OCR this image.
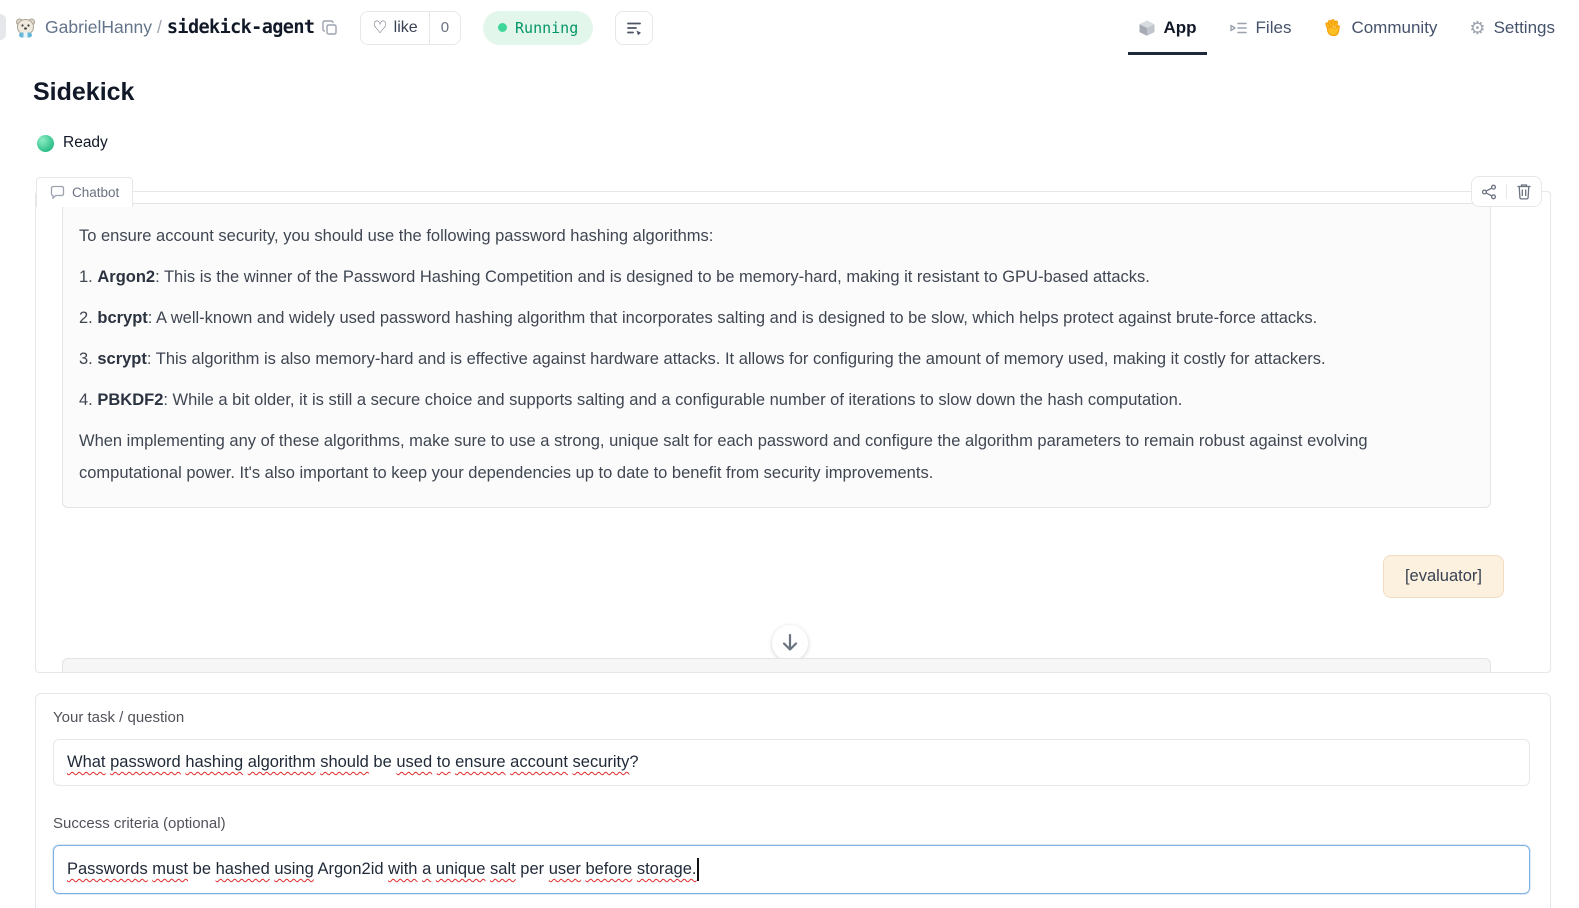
GabrielHanny / sidekick-agent	♡ like	0	Running	App	Files	Community ⚙ Settings
Sidekick
Ready
Chatbot

To ensure account security, you should use the following password hashing algorithms:

1. Argon2: This is the winner of the Password Hashing Competition and is designed to be memory-hard, making it resistant to GPU-based attacks.

2. bcrypt: A well-known and widely used password hashing algorithm that incorporates salting and is designed to be slow, which helps protect against brute-force attacks.

3. scrypt: This algorithm is also memory-hard and is effective against hardware attacks. It allows for configuring the amount of memory used, making it costly for attackers.

4. PBKDF2: While a bit older, it is still a secure choice and supports salting and a configurable number of iterations to slow down the hash computation.

When implementing any of these algorithms, make sure to use a strong, unique salt for each password and configure the algorithm parameters to remain robust against evolving computational power. It's also important to keep your dependencies up to date to benefit from security improvements.

[evaluator]
Your task / question
What password hashing algorithm should be used to ensure account security?
Success criteria (optional)
Passwords must be hashed using Argon2id with a unique salt per user before storage.
